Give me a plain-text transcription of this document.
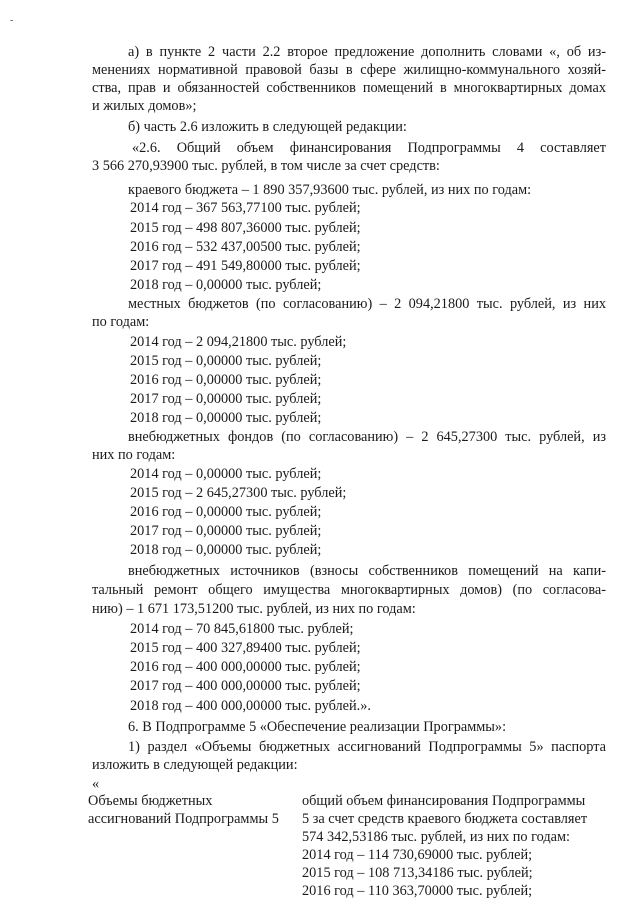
-
а) в пункте 2 части 2.2 второе предложение дополнить словами «, об из-
менениях нормативной правовой базы в сфере жилищно-коммунального хозяй-
ства, прав и обязанностей собственников помещений в многоквартирных домах
и жилых домов»;
б) часть 2.6 изложить в следующей редакции:
«2.6. Общий объем финансирования Подпрограммы 4 составляет
3 566 270,93900 тыс. рублей, в том числе за счет средств:
краевого бюджета – 1 890 357,93600 тыс. рублей, из них по годам:
2014 год – 367 563,77100 тыс. рублей;
2015 год – 498 807,36000 тыс. рублей;
2016 год – 532 437,00500 тыс. рублей;
2017 год – 491 549,80000 тыс. рублей;
2018 год – 0,00000 тыс. рублей;
местных бюджетов (по согласованию) – 2 094,21800 тыс. рублей, из них
по годам:
2014 год – 2 094,21800 тыс. рублей;
2015 год – 0,00000 тыс. рублей;
2016 год – 0,00000 тыс. рублей;
2017 год – 0,00000 тыс. рублей;
2018 год – 0,00000 тыс. рублей;
внебюджетных фондов (по согласованию) – 2 645,27300 тыс. рублей, из
них по годам:
2014 год – 0,00000 тыс. рублей;
2015 год – 2 645,27300 тыс. рублей;
2016 год – 0,00000 тыс. рублей;
2017 год – 0,00000 тыс. рублей;
2018 год – 0,00000 тыс. рублей;
внебюджетных источников (взносы собственников помещений на капи-
тальный ремонт общего имущества многоквартирных домов) (по согласова-
нию) – 1 671 173,51200 тыс. рублей, из них по годам:
2014 год – 70 845,61800 тыс. рублей;
2015 год – 400 327,89400 тыс. рублей;
2016 год – 400 000,00000 тыс. рублей;
2017 год – 400 000,00000 тыс. рублей;
2018 год – 400 000,00000 тыс. рублей.».
6. В Подпрограмме 5 «Обеспечение реализации Программы»:
1) раздел «Объемы бюджетных ассигнований Подпрограммы 5» паспорта
изложить в следующей редакции:
«
Объемы бюджетных
ассигнований Подпрограммы 5
общий объем финансирования Подпрограммы
5 за счет средств краевого бюджета составляет
574 342,53186 тыс. рублей, из них по годам:
2014 год – 114 730,69000 тыс. рублей;
2015 год – 108 713,34186 тыс. рублей;
2016 год – 110 363,70000 тыс. рублей;
